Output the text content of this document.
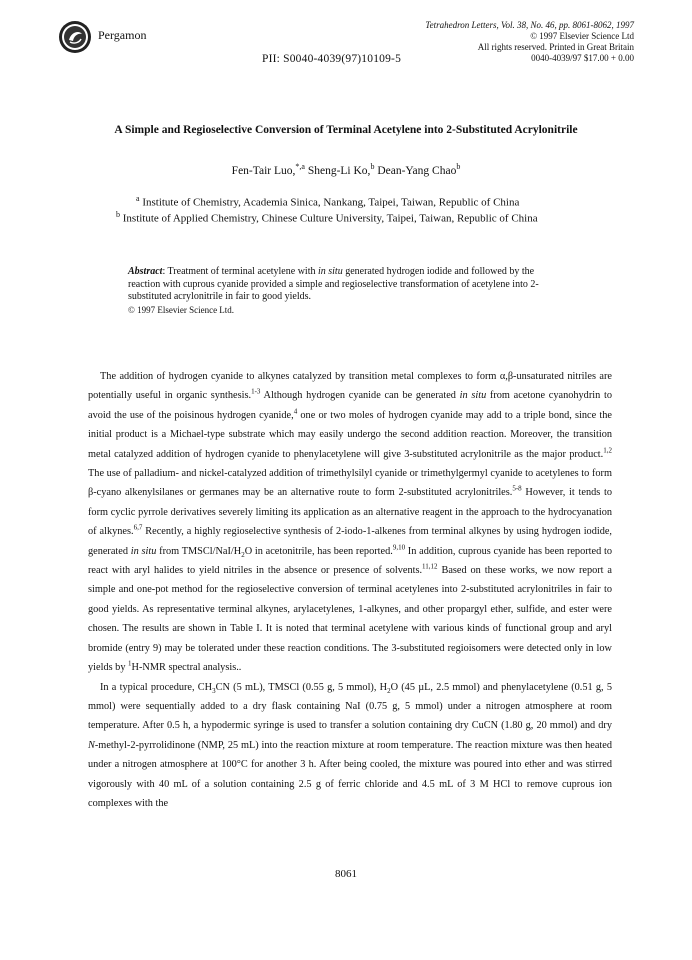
Pergamon
Tetrahedron Letters, Vol. 38, No. 46, pp. 8061-8062, 1997
© 1997 Elsevier Science Ltd
All rights reserved. Printed in Great Britain
0040-4039/97 $17.00 + 0.00
PII: S0040-4039(97)10109-5
A Simple and Regioselective Conversion of Terminal Acetylene into 2-Substituted Acrylonitrile
Fen-Tair Luo,$^{*,a}$ Sheng-Li Ko,$^b$ Dean-Yang Chao$^b$
$^a$ Institute of Chemistry, Academia Sinica, Nankang, Taipei, Taiwan, Republic of China
$^b$ Institute of Applied Chemistry, Chinese Culture University, Taipei, Taiwan, Republic of China
Abstract: Treatment of terminal acetylene with in situ generated hydrogen iodide and followed by the reaction with cuprous cyanide provided a simple and regioselective transformation of acetylene into 2-substituted acrylonitrile in fair to good yields.
© 1997 Elsevier Science Ltd.

The addition of hydrogen cyanide to alkynes catalyzed by transition metal complexes to form α,β-unsaturated nitriles are potentially useful in organic synthesis.$^{1-3}$ Although hydrogen cyanide can be generated in situ from acetone cyanohydrin to avoid the use of the poisinous hydrogen cyanide,$^4$ one or two moles of hydrogen cyanide may add to a triple bond, since the initial product is a Michael-type substrate which may easily undergo the second addition reaction. Moreover, the transition metal catalyzed addition of hydrogen cyanide to phenylacetylene will give 3-substituted acrylonitrile as the major product.$^{1,2}$ The use of palladium- and nickel-catalyzed addition of trimethylsilyl cyanide or trimethylgermyl cyanide to acetylenes to form β-cyano alkenylsilanes or germanes may be an alternative route to form 2-substituted acrylonitriles.$^{5-8}$ However, it tends to form cyclic pyrrole derivatives severely limiting its application as an alternative reagent in the approach to the hydrocyanation of alkynes.$^{6,7}$ Recently, a highly regioselective synthesis of 2-iodo-1-alkenes from terminal alkynes by using hydrogen iodide, generated in situ from TMSCl/$NaI/H_2O$ in acetonitrile, has been reported.$^{9,10}$ In addition, cuprous cyanide has been reported to react with aryl halides to yield nitriles in the absence or presence of solvents.$^{11,12}$ Based on these works, we now report a simple and one-pot method for the regioselective conversion of terminal acetylenes into 2-substituted acrylonitriles in fair to good yields. As representative terminal alkynes, arylacetylenes, 1-alkynes, and other propargyl ether, sulfide, and ester were chosen. The results are shown in Table I. It is noted that terminal acetylene with various kinds of functional group and aryl bromide (entry 9) may be tolerated under these reaction conditions. The 3-substituted regioisomers were detected only in low yields by $^1$H-NMR spectral analysis..

In a typical procedure, $CH_3CN$ (5 mL), TMSCl (0.55 g, 5 mmol), $H_2O$ (45 µL, 2.5 mmol) and phenylacetylene (0.51 g, 5 mmol) were sequentially added to a dry flask containing NaI (0.75 g, 5 mmol) under a nitrogen atmosphere at room temperature. After 0.5 h, a hypodermic syringe is used to transfer a solution containing dry CuCN (1.80 g, 20 mmol) and dry N-methyl-2-pyrrolidinone (NMP, 25 mL) into the reaction mixture at room temperature. The reaction mixture was then heated under a nitrogen atmosphere at 100°C for another 3 h. After being cooled, the mixture was poured into ether and was stirred vigorously with 40 mL of a solution containing 2.5 g of ferric chloride and 4.5 mL of 3 M HCl to remove cuprous ion complexes with the

8061
